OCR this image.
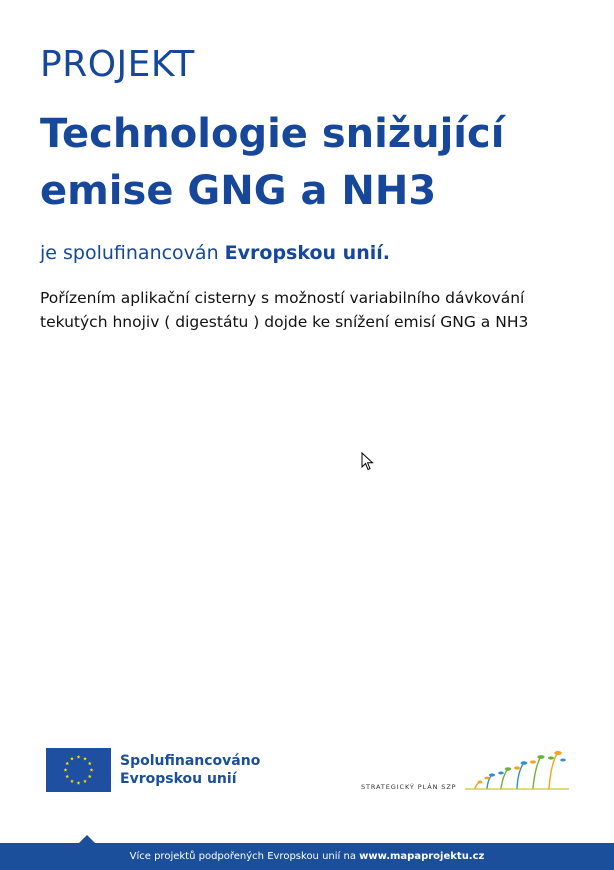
PROJEKT
Technologie snižující
emise GNG a NH3
je spolufinancován Evropskou unií.
Pořízením aplikační cisterny s možností variabilního dávkování
tekutých hnojiv ( digestátu ) dojde ke snížení emisí GNG a NH3
Spolufinancováno
Evropskou unií	STRATEGICKÝ PLÁN SZP
Více projektů podpořených Evropskou unií na www.mapaprojektu.cz
